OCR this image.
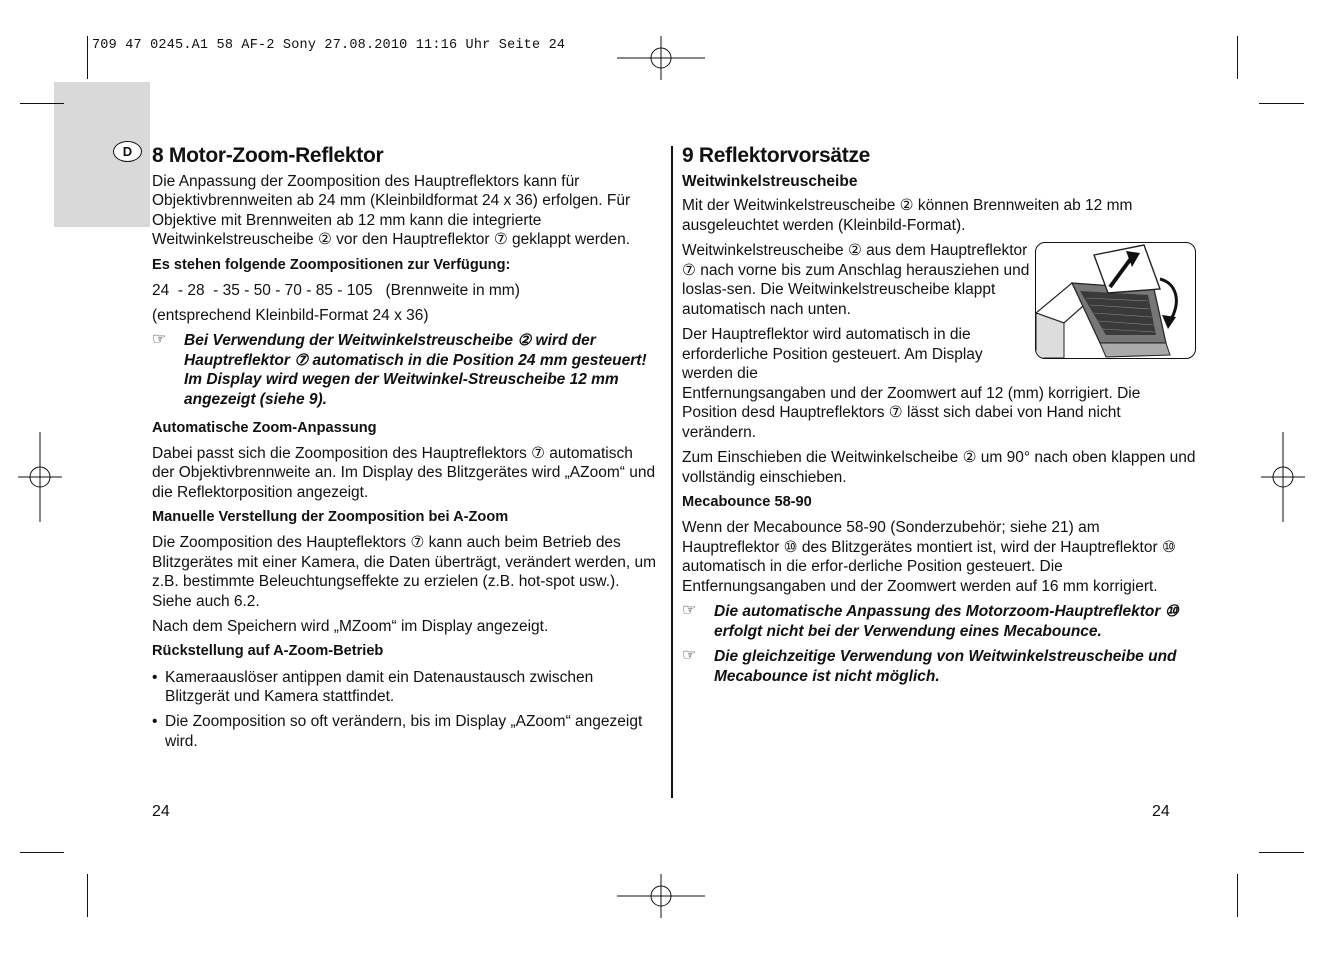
709 47 0245.A1 58 AF-2 Sony 27.08.2010 11:16 Uhr Seite 24
D 8 Motor-Zoom-Reflektor

Die Anpassung der Zoomposition des Hauptreflektors kann für Objektivbrennweiten ab 24 mm (Kleinbildformat 24 x 36) erfolgen. Für Objektive mit Brennweiten ab 12 mm kann die integrierte Weitwinkelstreuscheibe ② vor den Hauptreflektor ⑦ geklappt werden.

Es stehen folgende Zoompositionen zur Verfügung:

24  - 28  - 35 - 50 - 70 - 85 - 105   (Brennweite in mm)

(entsprechend Kleinbild-Format 24 x 36)

☞ Bei Verwendung der Weitwinkelstreuscheibe ② wird der Hauptreflektor ⑦ automatisch in die Position 24 mm gesteuert! Im Display wird wegen der Weitwinkel-Streuscheibe 12 mm angezeigt (siehe 9).

Automatische Zoom-Anpassung

Dabei passt sich die Zoomposition des Hauptreflektors ⑦ automatisch der Objektivbrennweite an. Im Display des Blitzgerätes wird „AZoom“ und die Reflektorposition angezeigt.

Manuelle Verstellung der Zoomposition bei A-Zoom

Die Zoomposition des Haupteflektors ⑦ kann auch beim Betrieb des Blitzgerätes mit einer Kamera, die Daten überträgt, verändert werden, um z.B. bestimmte Beleuchtungseffekte zu erzielen (z.B. hot-spot usw.). Siehe auch 6.2.

Nach dem Speichern wird „MZoom“ im Display angezeigt.

Rückstellung auf A-Zoom-Betrieb

• Kameraauslöser antippen damit ein Datenaustausch zwischen Blitzgerät und Kamera stattfindet.
• Die Zoomposition so oft verändern, bis im Display „AZoom“ angezeigt wird.
24
9 Reflektorvorsätze
Weitwinkelstreuscheibe

Mit der Weitwinkelstreuscheibe ② können Brennweiten ab 12 mm ausgeleuchtet werden (Kleinbild-Format).

Weitwinkelstreuscheibe ② aus dem Hauptreflektor ⑦ nach vorne bis zum Anschlag herausziehen und loslas-sen. Die Weitwinkelstreuscheibe klappt automatisch nach unten.

Der Hauptreflektor wird automatisch in die erforderliche Position gesteuert. Am Display werden die

Entfernungsangaben und der Zoomwert auf 12 (mm) korrigiert. Die Position desd Hauptreflektors ⑦ lässt sich dabei von Hand nicht verändern.

Zum Einschieben die Weitwinkelscheibe ② um 90° nach oben klappen und vollständig einschieben.

Mecabounce 58-90

Wenn der Mecabounce 58-90 (Sonderzubehör; siehe 21) am Hauptreflektor ⑩ des Blitzgerätes montiert ist, wird der Hauptreflektor ⑩ automatisch in die erfor-derliche Position gesteuert. Die Entfernungsangaben und der Zoomwert werden auf 16 mm korrigiert.

☞ Die automatische Anpassung des Motorzoom-Hauptreflektor ⑩ erfolgt nicht bei der Verwendung eines Mecabounce.
☞ Die gleichzeitige Verwendung von Weitwinkelstreuscheibe und Mecabounce ist nicht möglich.
24
